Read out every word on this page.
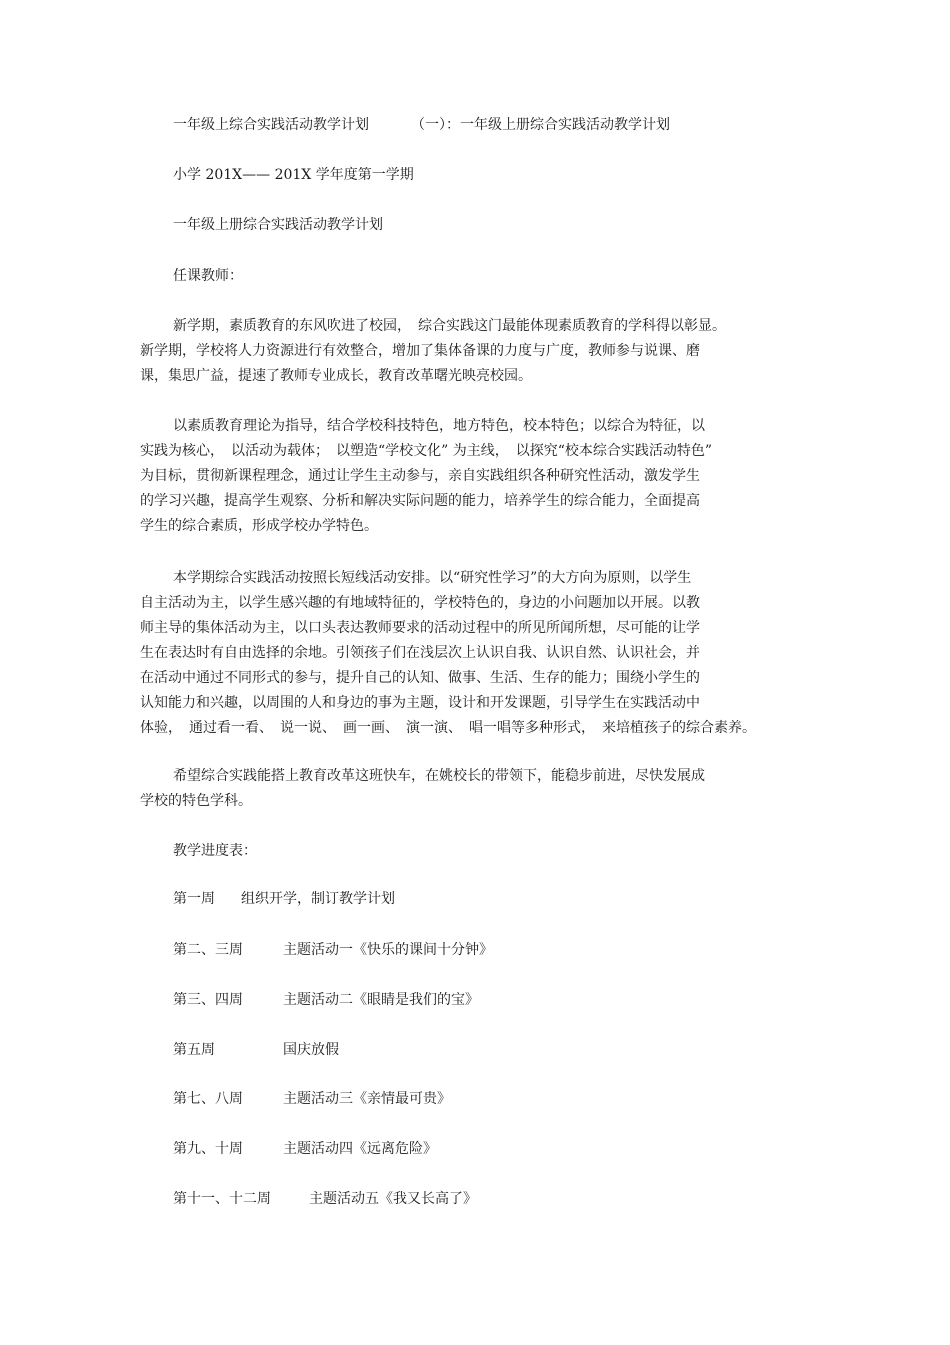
一年级上综合实践活动教学计划	（一）：一年级上册综合实践活动教学计划
小学 201X—— 201X 学年度第一学期
一年级上册综合实践活动教学计划
任课教师：
新学期，素质教育的东风吹进了校园，　综合实践这门最能体现素质教育的学科得以彰显。
新学期，学校将人力资源进行有效整合，增加了集体备课的力度与广度，教师参与说课、磨
课，集思广益，提速了教师专业成长，教育改革曙光映亮校园。
以素质教育理论为指导，结合学校科技特色，地方特色，校本特色；以综合为特征，以
实践为核心，　以活动为载体；　以塑造“学校文化” 为主线，　以探究“校本综合实践活动特色”
为目标，贯彻新课程理念，通过让学生主动参与，亲自实践组织各种研究性活动，激发学生
的学习兴趣，提高学生观察、分析和解决实际问题的能力，培养学生的综合能力，全面提高
学生的综合素质，形成学校办学特色。
本学期综合实践活动按照长短线活动安排。以“研究性学习”的大方向为原则，以学生
自主活动为主，以学生感兴趣的有地域特征的，学校特色的，身边的小问题加以开展。以教
师主导的集体活动为主，以口头表达教师要求的活动过程中的所见所闻所想，尽可能的让学
生在表达时有自由选择的余地。引领孩子们在浅层次上认识自我、认识自然、认识社会，并
在活动中通过不同形式的参与，提升自己的认知、做事、生活、生存的能力；围绕小学生的
认知能力和兴趣，以周围的人和身边的事为主题，设计和开发课题，引导学生在实践活动中
体验，　通过看一看、　说一说、　画一画、　演一演、　唱一唱等多种形式，　来培植孩子的综合素养。
希望综合实践能搭上教育改革这班快车，在姚校长的带领下，能稳步前进，尽快发展成
学校的特色学科。
教学进度表：
第一周 组织开学，制订教学计划
第二、三周	主题活动一《快乐的课间十分钟》
第三、四周	主题活动二《眼睛是我们的宝》
第五周	国庆放假
第七、八周	主题活动三《亲情最可贵》
第九、十周	主题活动四《远离危险》
第十一、十二周	主题活动五《我又长高了》
